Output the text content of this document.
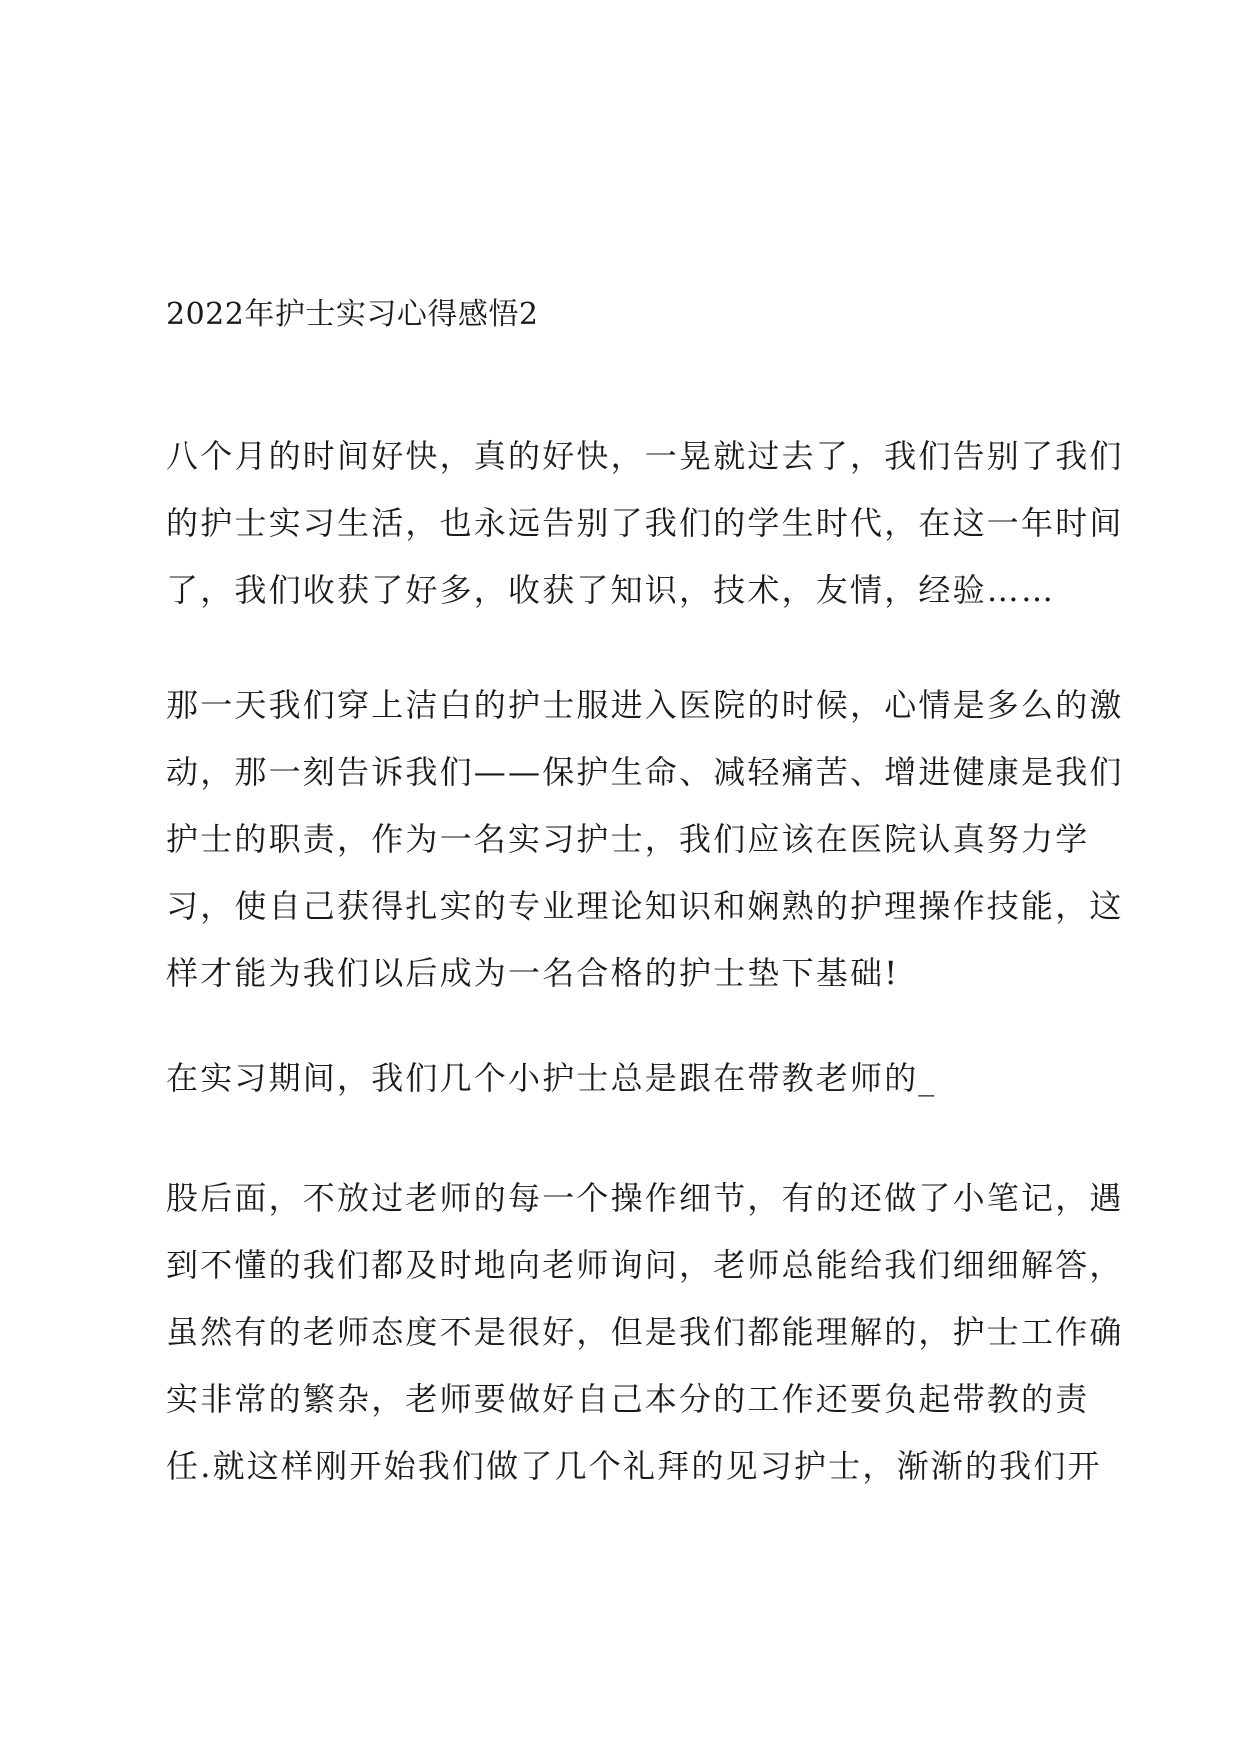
2022年护士实习心得感悟2
八个月的时间好快，真的好快，一晃就过去了，我们告别了我们
的护士实习生活，也永远告别了我们的学生时代，在这一年时间
了，我们收获了好多，收获了知识，技术，友情，经验……
那一天我们穿上洁白的护士服进入医院的时候，心情是多么的激
动，那一刻告诉我们——保护生命、减轻痛苦、增进健康是我们
护士的职责，作为一名实习护士，我们应该在医院认真努力学
习，使自己获得扎实的专业理论知识和娴熟的护理操作技能，这
样才能为我们以后成为一名合格的护士垫下基础!
在实习期间，我们几个小护士总是跟在带教老师的_
股后面，不放过老师的每一个操作细节，有的还做了小笔记，遇
到不懂的我们都及时地向老师询问，老师总能给我们细细解答，
虽然有的老师态度不是很好，但是我们都能理解的，护士工作确
实非常的繁杂，老师要做好自己本分的工作还要负起带教的责
任.就这样刚开始我们做了几个礼拜的见习护士，渐渐的我们开
